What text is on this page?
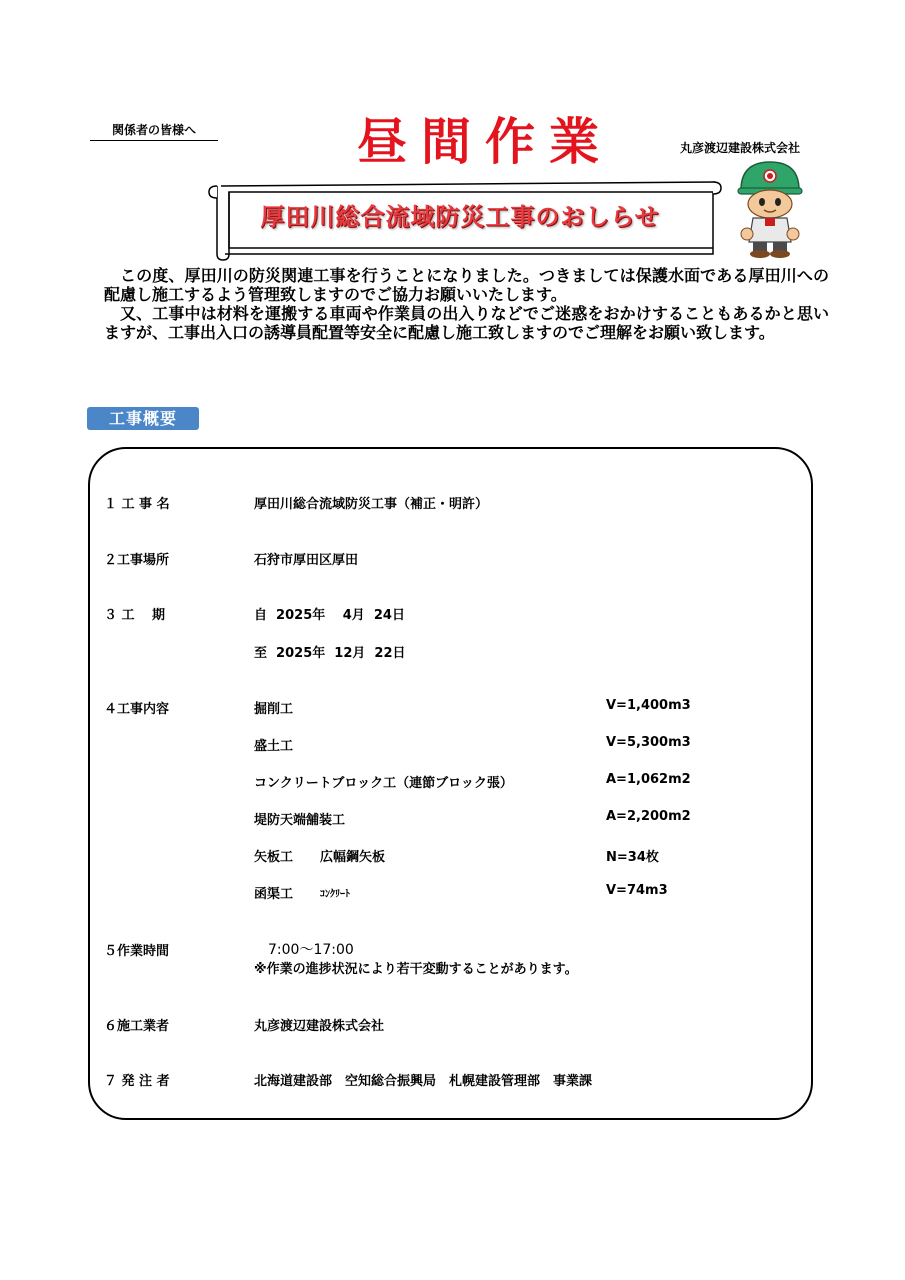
関係者の皆様へ	昼間作業	丸彦渡辺建設株式会社
厚田川総合流域防災工事のおしらせ

この度、厚田川の防災関連工事を行うことになりました。つきましては保護水面である厚田川への配慮し施工するよう管理致しますのでご協力お願いいたします。

又、工事中は材料を運搬する車両や作業員の出入りなどでご迷惑をおかけすることもあるかと思いますが、工事出入口の誘導員配置等安全に配慮し施工致しますのでご理解をお願い致します。

工事概要
１ 工 事 名	厚田川総合流域防災工事（補正・明許）
２工事場所	石狩市厚田区厚田
３ 工　 期	自  2025年　 4月  24日
至  2025年  12月  22日
４工事内容	掘削工	V=1,400m3
盛土工	V=5,300m3
コンクリートブロック工（連節ブロック張）	A=1,062m2
堤防天端舗装工	A=2,200m2
矢板工 広幅鋼矢板	N=34枚
函渠工	ｺﾝｸﾘｰﾄ	V=74m3
５作業時間	7:00～17:00
※作業の進捗状況により若干変動することがあります。
６施工業者	丸彦渡辺建設株式会社
７ 発 注 者	北海道建設部　空知総合振興局　札幌建設管理部　事業課
